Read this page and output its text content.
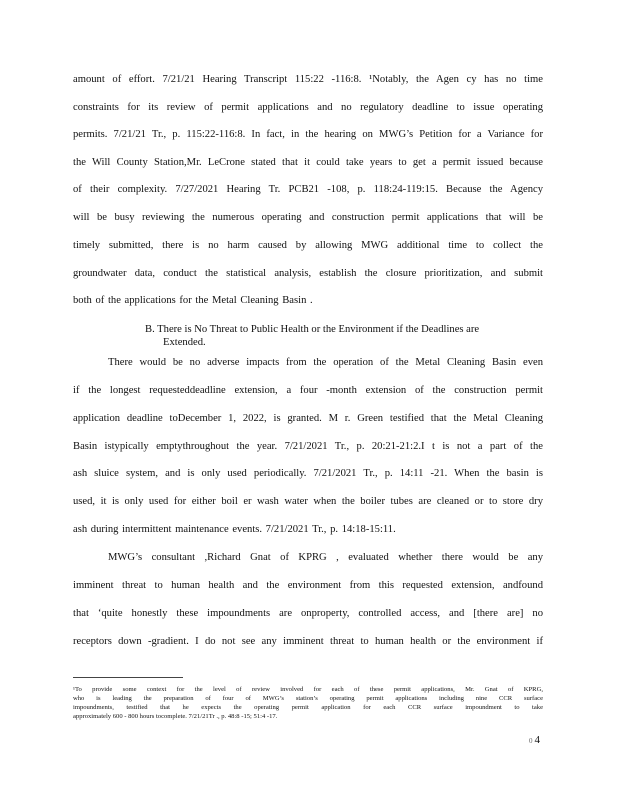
amount of effort. 7/21/21 Hearing Transcript 115:22 -116:8. ¹Notably, the Agen cy has no time
constraints for its review of permit applications and no regulatory deadline to issue operating
permits. 7/21/21 Tr., p. 115:22-116:8. In fact, in the hearing on MWG’s Petition for a Variance for
the Will County Station,Mr. LeCrone stated that it could take years to get a permit issued because
of their complexity. 7/27/2021 Hearing Tr. PCB21 -108, p. 118:24-119:15. Because the Agency
will be busy reviewing the numerous operating and construction permit applications that will be
timely submitted, there is no harm caused by allowing MWG additional time to collect the
groundwater data, conduct the statistical analysis, establish the closure prioritization, and submit
both of the applications for the Metal Cleaning Basin .
B. There is No Threat to Public Health or the Environment if the Deadlines are
Extended.
There would be no adverse impacts from the operation of the Metal Cleaning Basin even
if the longest requesteddeadline extension, a four -month extension of the construction permit
application deadline toDecember 1, 2022, is granted. M r. Green testified that the Metal Cleaning
Basin istypically emptythroughout the year. 7/21/2021 Tr., p. 20:21-21:2.I t is not a part of the
ash sluice system, and is only used periodically. 7/21/2021 Tr., p. 14:11 -21. When the basin is
used, it is only used for either boil er wash water when the boiler tubes are cleaned or to store dry
ash during intermittent maintenance events. 7/21/2021 Tr., p. 14:18-15:11.
MWG’s consultant ,Richard Gnat of KPRG , evaluated whether there would be any
imminent threat to human health and the environment from this requested extension, andfound
that ‘quite honestly these impoundments are onproperty, controlled access, and [there are] no
receptors down -gradient. I do not see any imminent threat to human health or the environment if
¹To provide some context for the level of review involved for each of these permit applications, Mr. Gnat of KPRG,
who is leading the preparation of four of MWG’s station’s operating permit applications including nine CCR surface
impoundments, testified that he expects the operating permit application for each CCR surface impoundment to take
approximately 600 - 800 hours tocomplete. 7/21/21Tr ., p. 48:8 -15; 51:4 -17.
0 4
